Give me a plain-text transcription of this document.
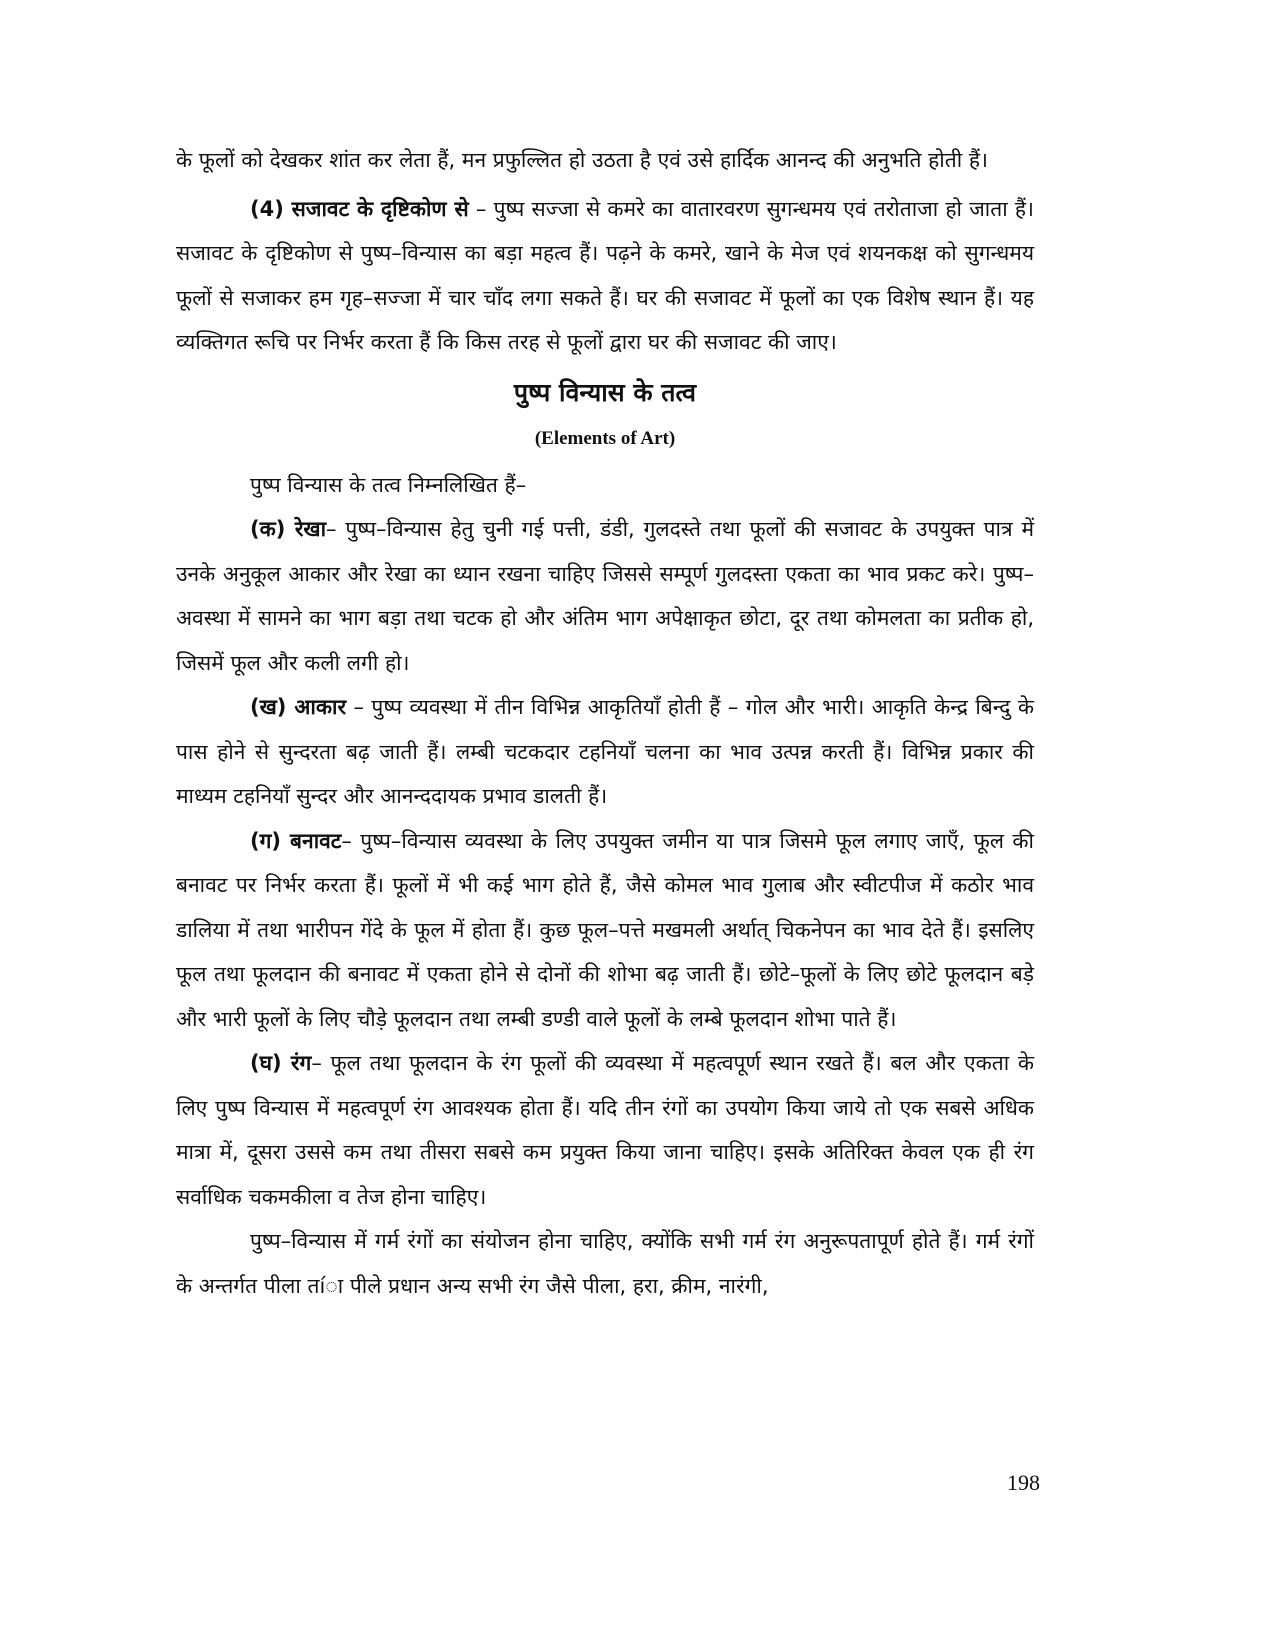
के फूलों को देखकर शांत कर लेता हैं, मन प्रफुल्लित हो उठता है एवं उसे हार्दिक आनन्द की अनुभति होती हैं।

(4) सजावट के दृष्टिकोण से – पुष्प सज्जा से कमरे का वातारवरण सुगन्धमय एवं तरोताजा हो जाता हैं। सजावट के दृष्टिकोण से पुष्प–विन्यास का बड़ा महत्व हैं। पढ़ने के कमरे, खाने के मेज एवं शयनकक्ष को सुगन्धमय फूलों से सजाकर हम गृह–सज्जा में चार चाँद लगा सकते हैं। घर की सजावट में फूलों का एक विशेष स्थान हैं। यह व्यक्तिगत रूचि पर निर्भर करता हैं कि किस तरह से फूलों द्वारा घर की सजावट की जाए।

पुष्प विन्यास के तत्व
(Elements of Art)

पुष्प विन्यास के तत्व निम्नलिखित हैं–

(क) रेखा– पुष्प–विन्यास हेतु चुनी गई पत्ती, डंडी, गुलदस्ते तथा फूलों की सजावट के उपयुक्त पात्र में उनके अनुकूल आकार और रेखा का ध्यान रखना चाहिए जिससे सम्पूर्ण गुलदस्ता एकता का भाव प्रकट करे। पुष्प–अवस्था में सामने का भाग बड़ा तथा चटक हो और अंतिम भाग अपेक्षाकृत छोटा, दूर तथा कोमलता का प्रतीक हो, जिसमें फूल और कली लगी हो।

(ख) आकार – पुष्प व्यवस्था में तीन विभिन्न आकृतियाँ होती हैं – गोल और भारी। आकृति केन्द्र बिन्दु के पास होने से सुन्दरता बढ़ जाती हैं। लम्बी चटकदार टहनियाँ चलना का भाव उत्पन्न करती हैं। विभिन्न प्रकार की माध्यम टहनियाँ सुन्दर और आनन्ददायक प्रभाव डालती हैं।

(ग) बनावट– पुष्प–विन्यास व्यवस्था के लिए उपयुक्त जमीन या पात्र जिसमे फूल लगाए जाएँ, फूल की बनावट पर निर्भर करता हैं। फूलों में भी कई भाग होते हैं, जैसे कोमल भाव गुलाब और स्वीटपीज में कठोर भाव डालिया में तथा भारीपन गेंदे के फूल में होता हैं। कुछ फूल–पत्ते मखमली अर्थात् चिकनेपन का भाव देते हैं। इसलिए फूल तथा फूलदान की बनावट में एकता होने से दोनों की शोभा बढ़ जाती हैं। छोटे–फूलों के लिए छोटे फूलदान बड़े और भारी फूलों के लिए चौड़े फूलदान तथा लम्बी डण्डी वाले फूलों के लम्बे फूलदान शोभा पाते हैं।

(घ) रंग– फूल तथा फूलदान के रंग फूलों की व्यवस्था में महत्वपूर्ण स्थान रखते हैं। बल और एकता के लिए पुष्प विन्यास में महत्वपूर्ण रंग आवश्यक होता हैं। यदि तीन रंगों का उपयोग किया जाये तो एक सबसे अधिक मात्रा में, दूसरा उससे कम तथा तीसरा सबसे कम प्रयुक्त किया जाना चाहिए। इसके अतिरिक्त केवल एक ही रंग सर्वाधिक चकमकीला व तेज होना चाहिए।

पुष्प–विन्यास में गर्म रंगों का संयोजन होना चाहिए, क्योंकि सभी गर्म रंग अनुरूपतापूर्ण होते हैं। गर्म रंगों के अन्तर्गत पीला तíा पीले प्रधान अन्य सभी रंग जैसे पीला, हरा, क्रीम, नारंगी,

198
